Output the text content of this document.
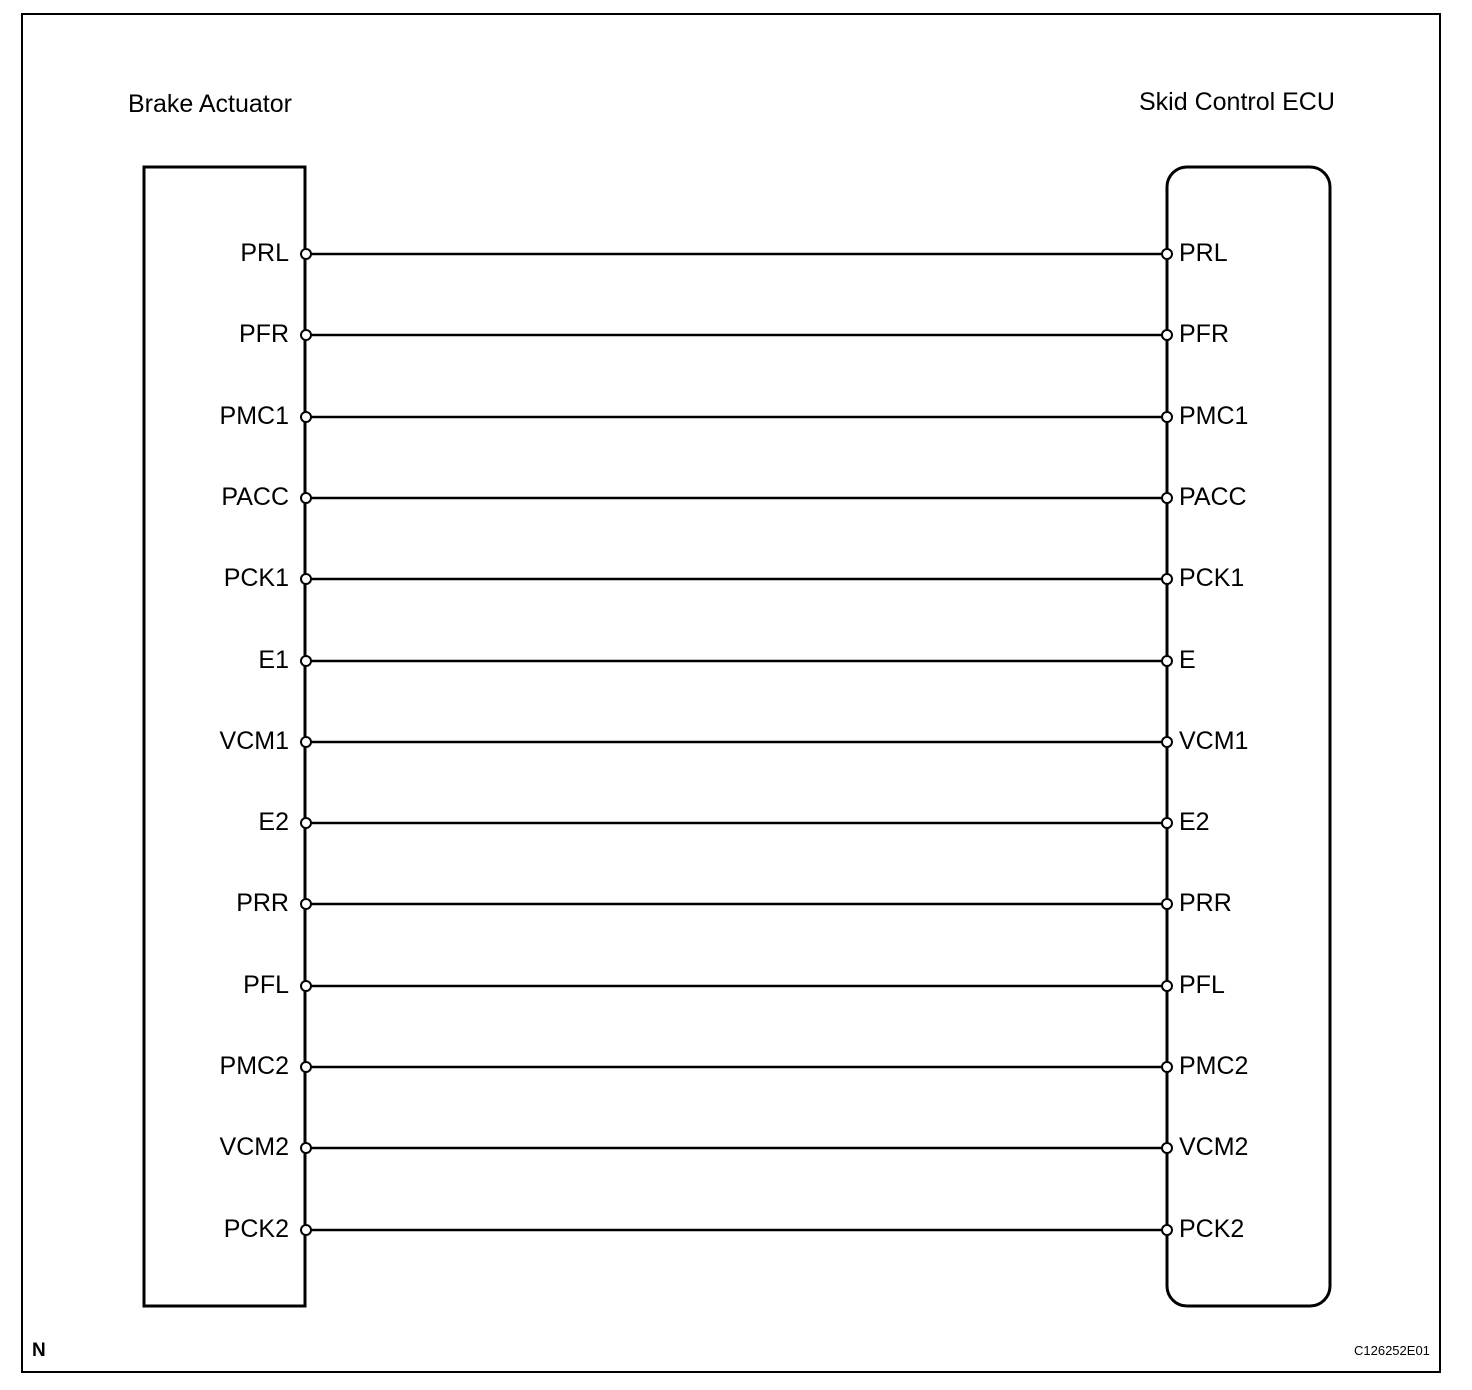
Brake Actuator	Skid Control ECU
PRL	PRL
PFR	PFR
PMC1	PMC1
PACC	PACC
PCK1	PCK1
E1	E
VCM1	VCM1
E2	E2
PRR	PRR
PFL	PFL
PMC2	PMC2
VCM2	VCM2
PCK2	PCK2
N	C126252E01
